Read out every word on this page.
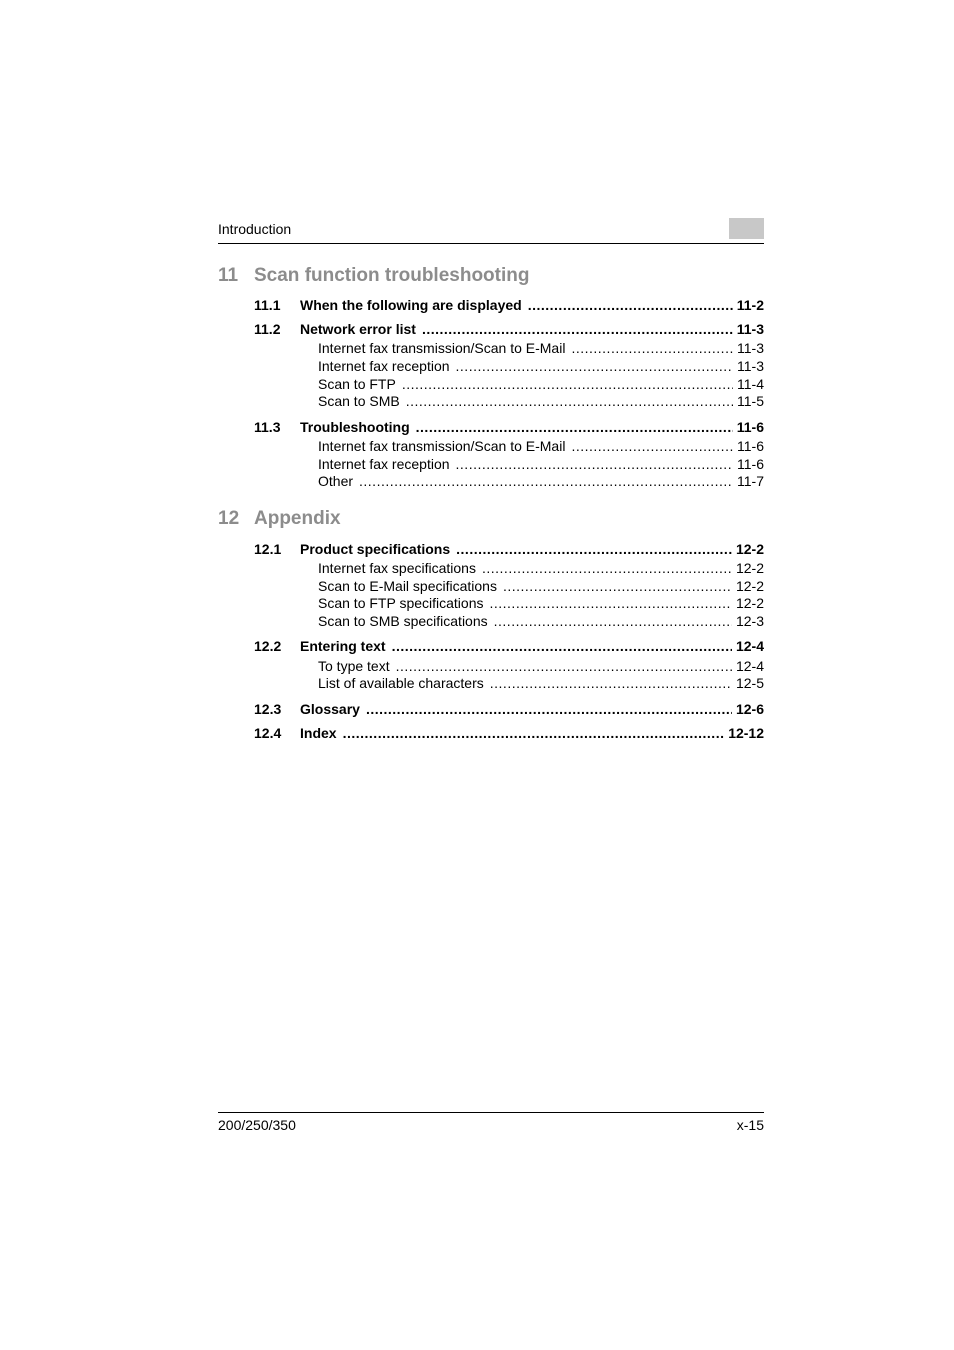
Introduction
11 Scan function troubleshooting
11.1 When the following are displayed .....	11-2
11.2 Network error list .....	11-3
Internet fax transmission/Scan to E-Mail .....	11-3
Internet fax reception .....	11-3
Scan to FTP .....	11-4
Scan to SMB .....	11-5
11.3 Troubleshooting .....	11-6
Internet fax transmission/Scan to E-Mail .....	11-6
Internet fax reception .....	11-6
Other .....	11-7
12 Appendix
12.1 Product specifications .....	12-2
Internet fax specifications .....	12-2
Scan to E-Mail specifications .....	12-2
Scan to FTP specifications .....	12-2
Scan to SMB specifications .....	12-3
12.2 Entering text .....	12-4
To type text .....	12-4
List of available characters .....	12-5
12.3 Glossary .....	12-6
12.4 Index .....	12-12
200/250/350	x-15
